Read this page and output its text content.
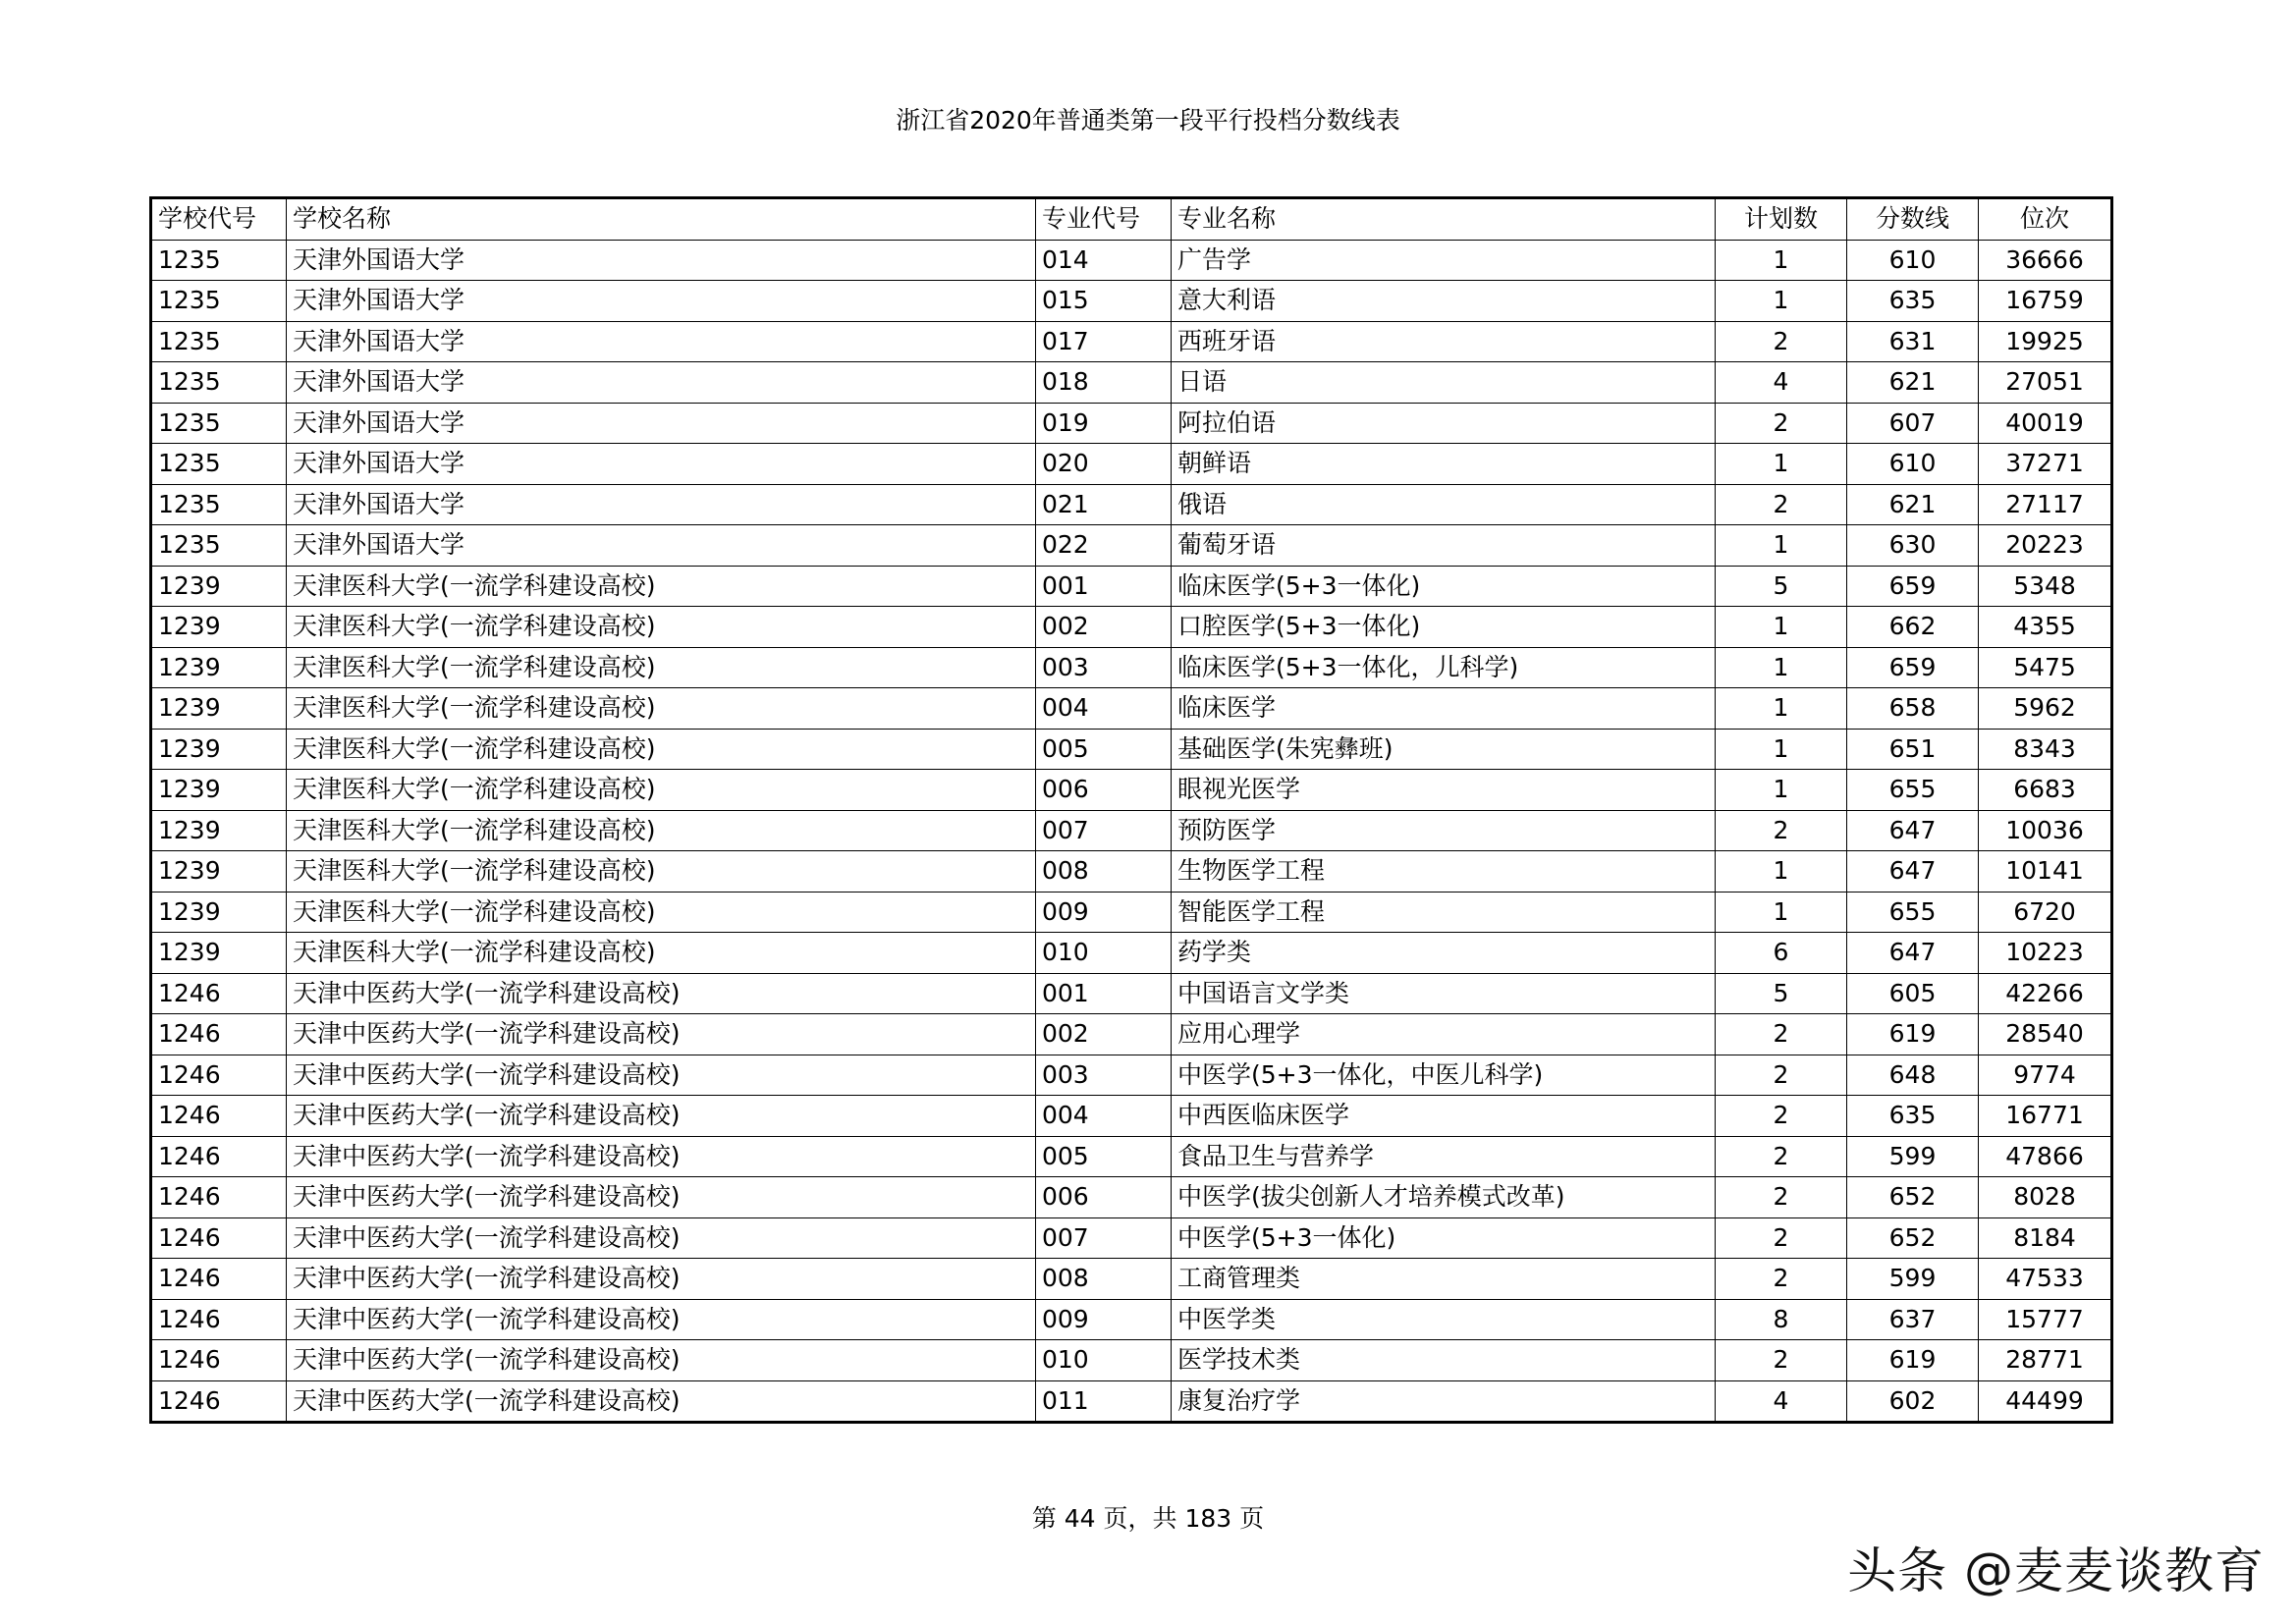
浙江省2020年普通类第一段平行投档分数线表
学校代号	学校名称	专业代号	专业名称	计划数	分数线	位次
1235	天津外国语大学	014	广告学	1	610	36666
1235	天津外国语大学	015	意大利语	1	635	16759
1235	天津外国语大学	017	西班牙语	2	631	19925
1235	天津外国语大学	018	日语	4	621	27051
1235	天津外国语大学	019	阿拉伯语	2	607	40019
1235	天津外国语大学	020	朝鲜语	1	610	37271
1235	天津外国语大学	021	俄语	2	621	27117
1235	天津外国语大学	022	葡萄牙语	1	630	20223
1239	天津医科大学(一流学科建设高校)	001	临床医学(5+3一体化)	5	659	5348
1239	天津医科大学(一流学科建设高校)	002	口腔医学(5+3一体化)	1	662	4355
1239	天津医科大学(一流学科建设高校)	003	临床医学(5+3一体化，儿科学)	1	659	5475
1239	天津医科大学(一流学科建设高校)	004	临床医学	1	658	5962
1239	天津医科大学(一流学科建设高校)	005	基础医学(朱宪彝班)	1	651	8343
1239	天津医科大学(一流学科建设高校)	006	眼视光医学	1	655	6683
1239	天津医科大学(一流学科建设高校)	007	预防医学	2	647	10036
1239	天津医科大学(一流学科建设高校)	008	生物医学工程	1	647	10141
1239	天津医科大学(一流学科建设高校)	009	智能医学工程	1	655	6720
1239	天津医科大学(一流学科建设高校)	010	药学类	6	647	10223
1246	天津中医药大学(一流学科建设高校)	001	中国语言文学类	5	605	42266
1246	天津中医药大学(一流学科建设高校)	002	应用心理学	2	619	28540
1246	天津中医药大学(一流学科建设高校)	003	中医学(5+3一体化，中医儿科学)	2	648	9774
1246	天津中医药大学(一流学科建设高校)	004	中西医临床医学	2	635	16771
1246	天津中医药大学(一流学科建设高校)	005	食品卫生与营养学	2	599	47866
1246	天津中医药大学(一流学科建设高校)	006	中医学(拔尖创新人才培养模式改革)	2	652	8028
1246	天津中医药大学(一流学科建设高校)	007	中医学(5+3一体化)	2	652	8184
1246	天津中医药大学(一流学科建设高校)	008	工商管理类	2	599	47533
1246	天津中医药大学(一流学科建设高校)	009	中医学类	8	637	15777
1246	天津中医药大学(一流学科建设高校)	010	医学技术类	2	619	28771
1246	天津中医药大学(一流学科建设高校)	011	康复治疗学	4	602	44499
第 44 页，共 183 页
头条 @麦麦谈教育
